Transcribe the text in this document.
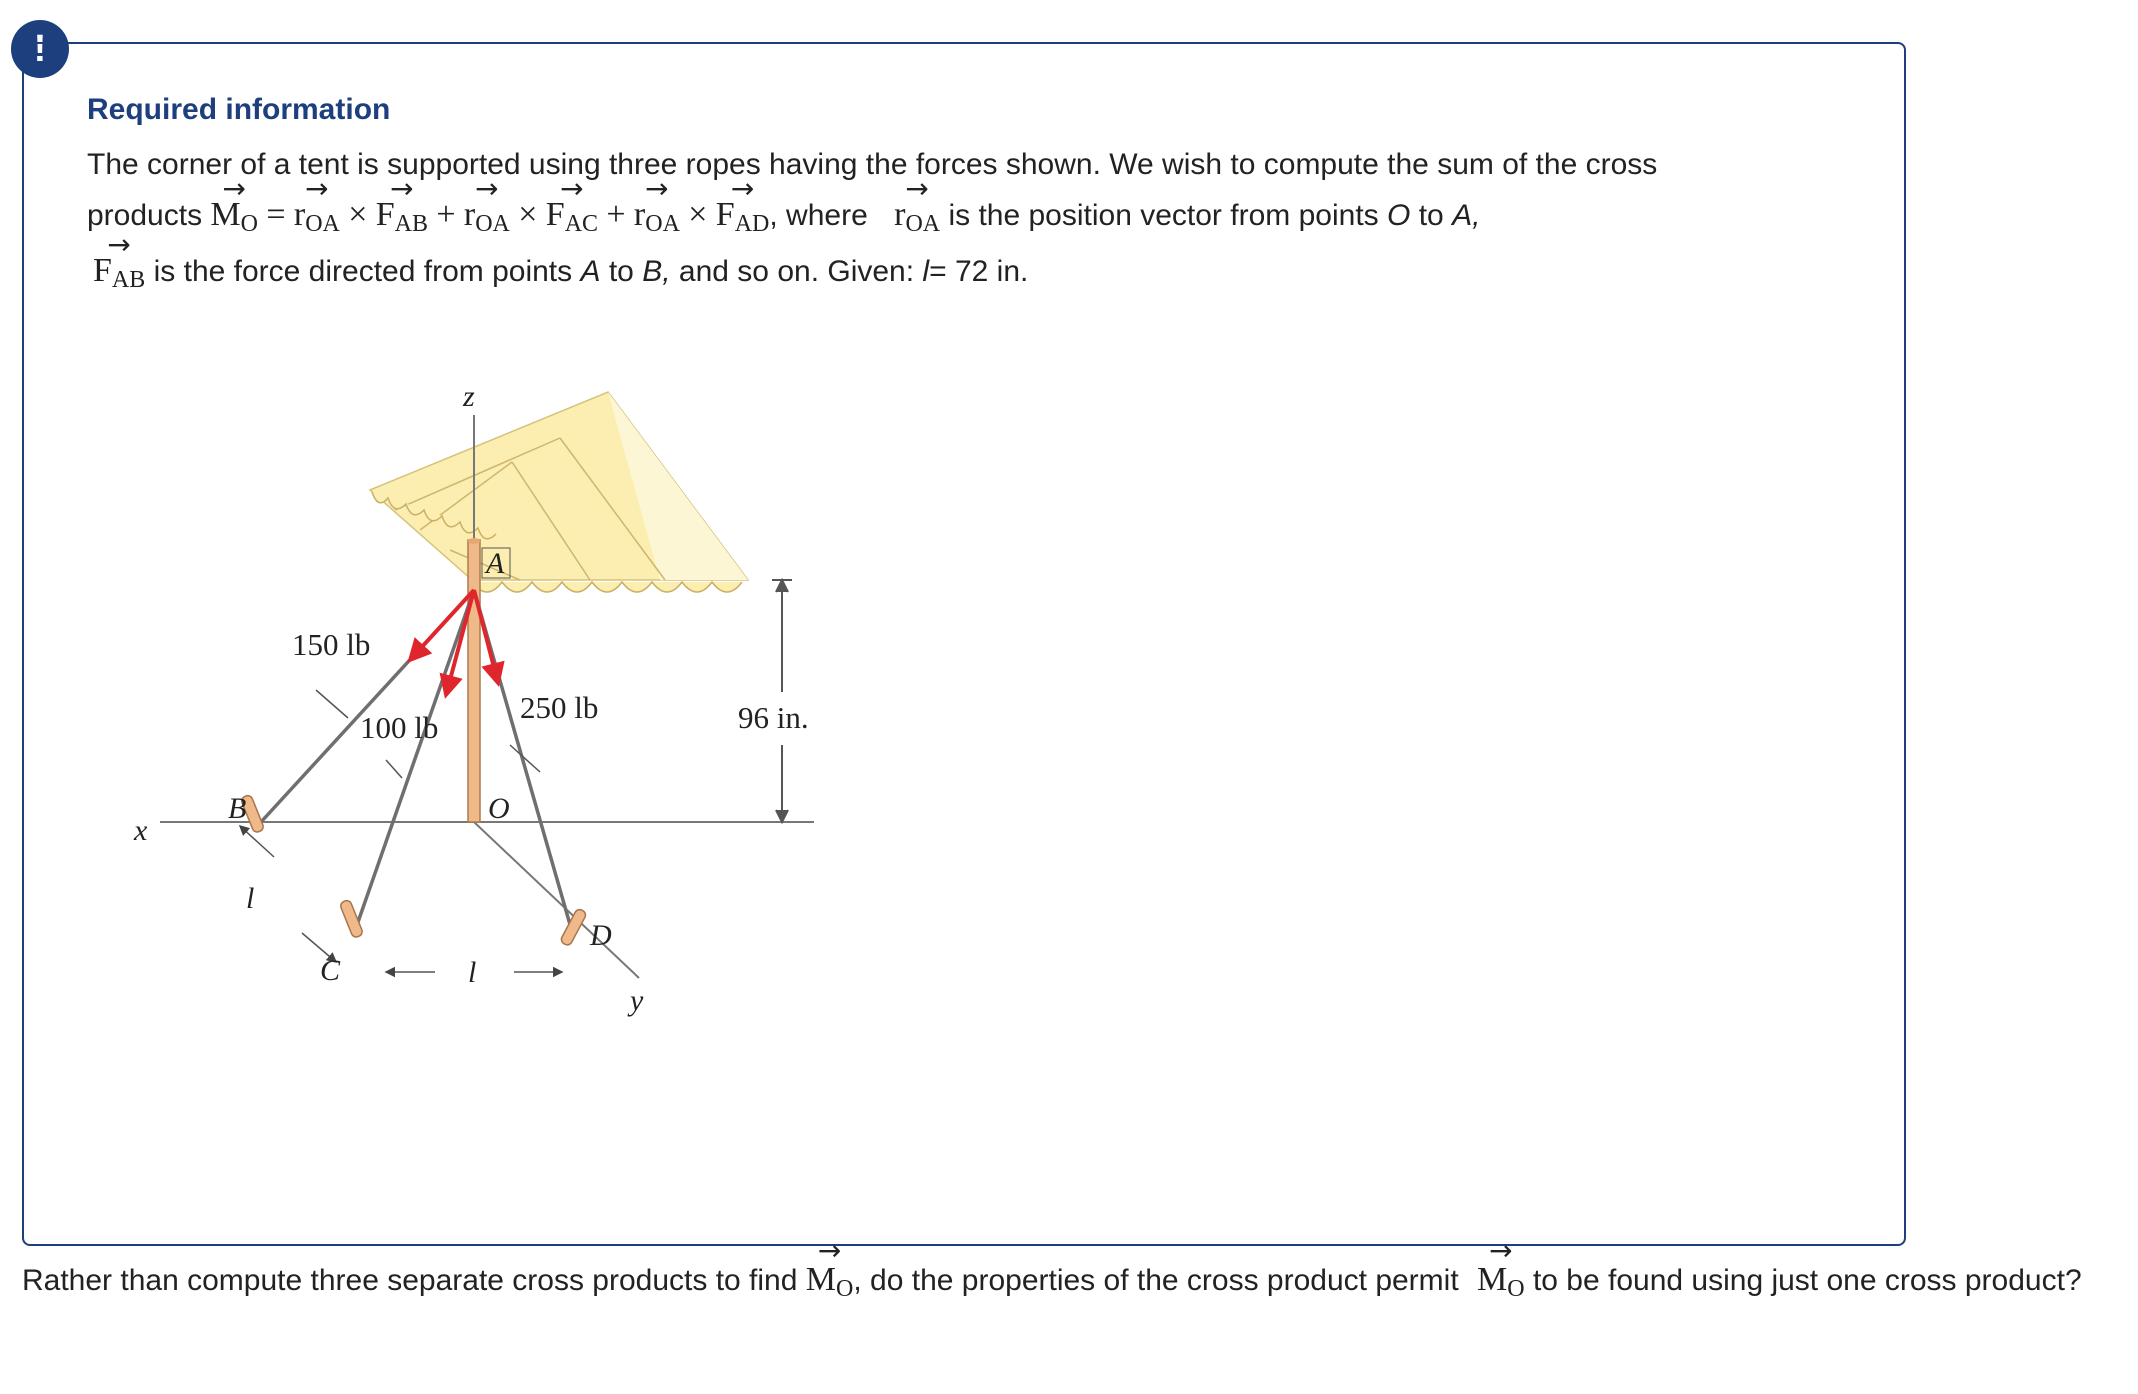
!
Required information
The corner of a tent is supported using three ropes having the forces shown. We wish to compute the sum of the cross
products
→
$M_O$ =
→
$r_{OA}$ ×
→
$F_{AB}$ +
→
$r_{OA}$ ×
→
$F_{AC}$ +
→
$r_{OA}$ ×
→
$F_{AD}$, where
→
$r_{OA}$ is the position vector from points O to A,
→
$F_{AB}$ is the force directed from points A to B, and so on. Given: l= 72 in.
z
x
y
A
B
C
D
O
150 lb
100 lb
250 lb	96 in.
l
l
Rather than compute three separate cross products to find
→
$M_O$, do the properties of the cross product permit
→
$M_O$ to be found using just one cross product?
